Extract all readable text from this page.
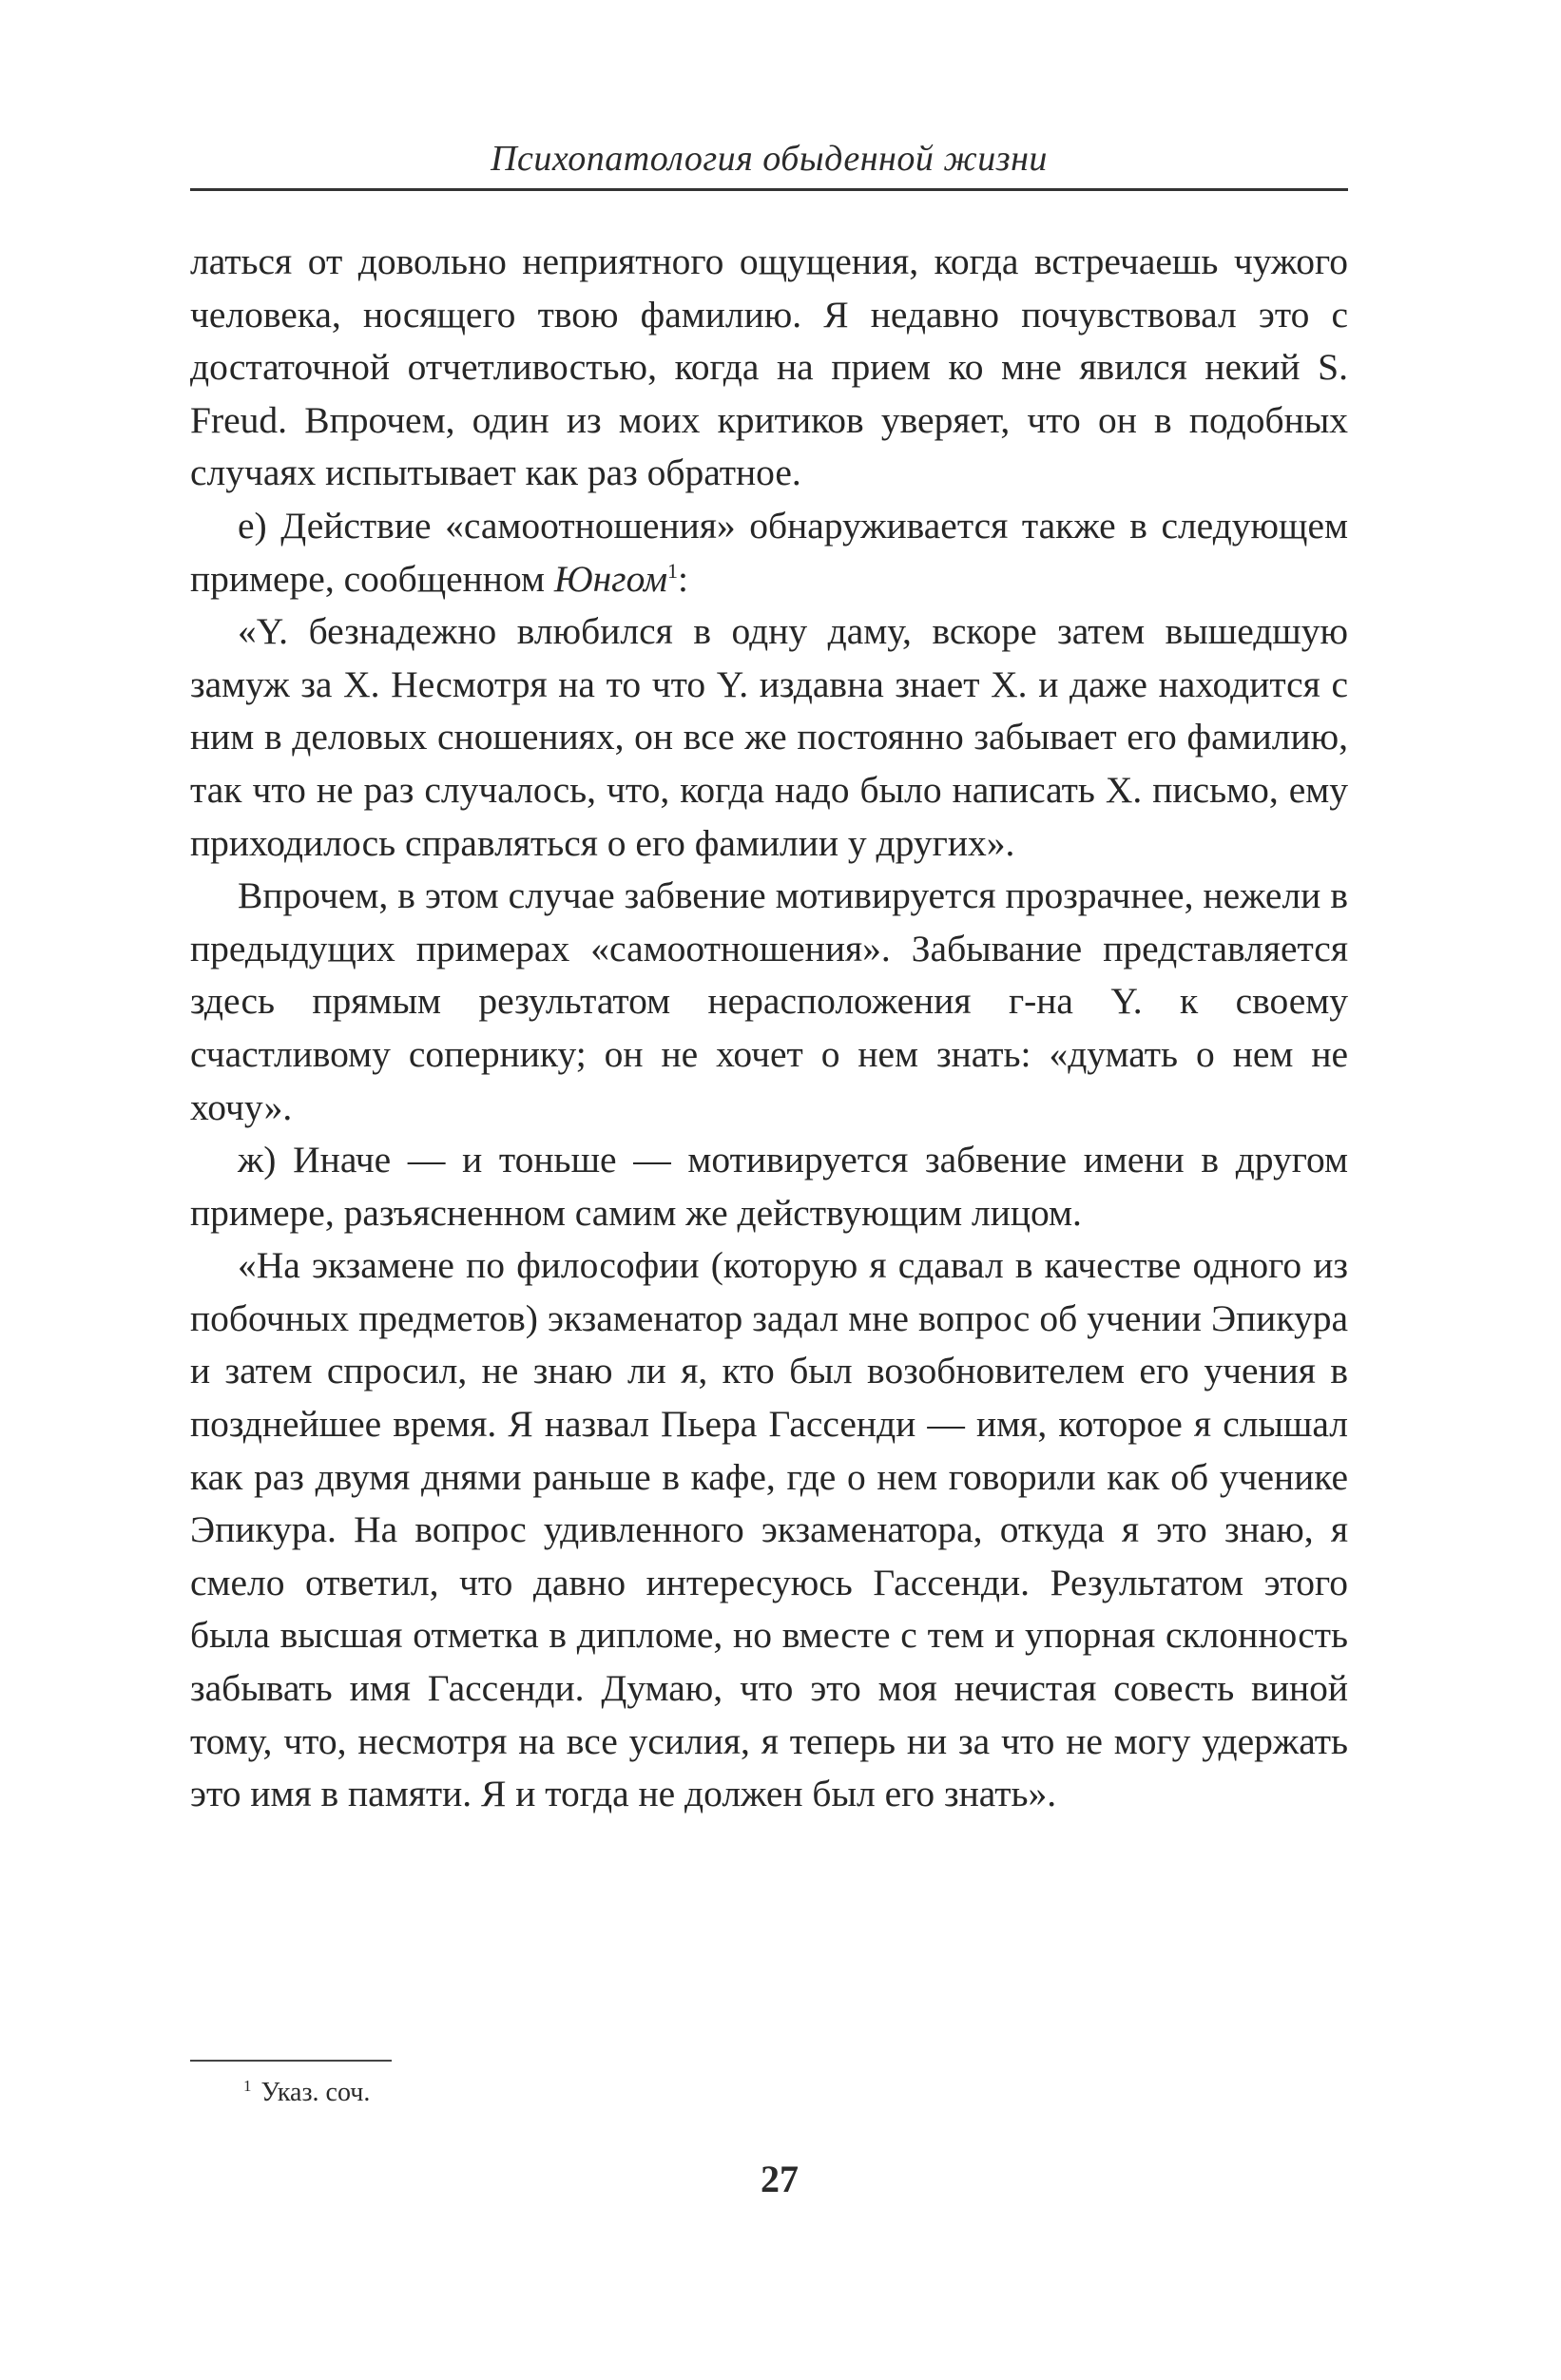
Психопатология обыденной жизни

латься от довольно неприятного ощущения, когда встречаешь чужого человека, носящего твою фамилию. Я недавно почувствовал это с достаточной отчетливостью, когда на прием ко мне явился некий S. Freud. Впрочем, один из моих критиков уверяет, что он в подобных случаях испытывает как раз обратное.

е) Действие «самоотношения» обнаруживается также в следующем примере, сообщенном Юнгом$^1$:

«Y. безнадежно влюбился в одну даму, вскоре затем вышедшую замуж за X. Несмотря на то что Y. издавна знает X. и даже находится с ним в деловых сношениях, он все же постоянно забывает его фамилию, так что не раз случалось, что, когда надо было написать X. письмо, ему приходилось справляться о его фамилии у других».

Впрочем, в этом случае забвение мотивируется прозрачнее, нежели в предыдущих примерах «самоотношения». Забывание представляется здесь прямым результатом нерасположения г-на Y. к своему счастливому сопернику; он не хочет о нем знать: «думать о нем не хочу».

ж) Иначе — и тоньше — мотивируется забвение имени в другом примере, разъясненном самим же действующим лицом.

«На экзамене по философии (которую я сдавал в качестве одного из побочных предметов) экзаменатор задал мне вопрос об учении Эпикура и затем спросил, не знаю ли я, кто был возобновителем его учения в позднейшее время. Я назвал Пьера Гассенди — имя, которое я слышал как раз двумя днями раньше в кафе, где о нем говорили как об ученике Эпикура. На вопрос удивленного экзаменатора, откуда я это знаю, я смело ответил, что давно интересуюсь Гассенди. Результатом этого была высшая отметка в дипломе, но вместе с тем и упорная склонность забывать имя Гассенди. Думаю, что это моя нечистая совесть виной тому, что, несмотря на все усилия, я теперь ни за что не могу удержать это имя в памяти. Я и тогда не должен был его знать».

$^1$ Указ. соч.
27
